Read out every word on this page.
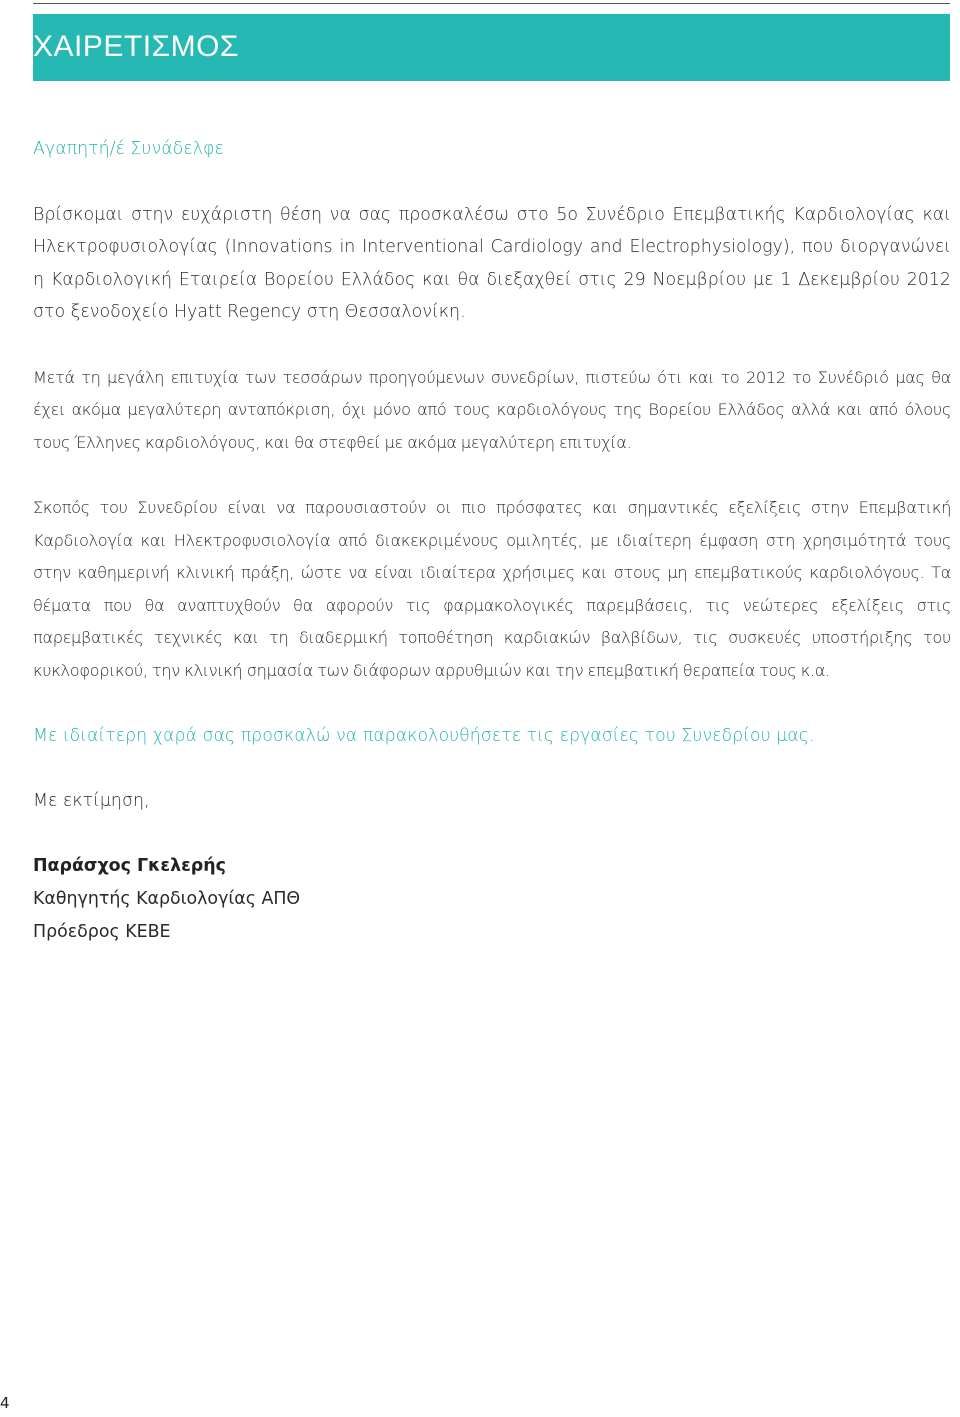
ΧΑΙΡΕΤΙΣΜΟΣ

Αγαπητή/έ Συνάδελφε

Βρίσκομαι στην ευχάριστη θέση να σας προσκαλέσω στο 5ο Συνέδριο Επεμβατικής Καρδιολογίας και Ηλεκτροφυσιολογίας (Innovations in Interventional Cardiology and Electrophysiology), που διοργανώνει η Καρδιολογική Εταιρεία Βορείου Ελλάδος και θα διεξαχθεί στις 29 Νοεμβρίου με 1 Δεκεμβρίου 2012 στο ξενοδοχείο Hyatt Regency στη Θεσσαλονίκη.

Μετά τη μεγάλη επιτυχία των τεσσάρων προηγούμενων συνεδρίων, πιστεύω ότι και το 2012 το Συνέδριό μας θα έχει ακόμα μεγαλύτερη ανταπόκριση, όχι μόνο από τους καρδιολόγους της Βορείου Ελλάδος αλλά και από όλους τους Έλληνες καρδιολόγους, και θα στεφθεί με ακόμα μεγαλύτερη επιτυχία.

Σκοπός του Συνεδρίου είναι να παρουσιαστούν οι πιο πρόσφατες και σημαντικές εξελίξεις στην Επεμβατική Καρδιολογία και Ηλεκτροφυσιολογία από διακεκριμένους ομιλητές, με ιδιαίτερη έμφαση στη χρησιμότητά τους στην καθημερινή κλινική πράξη, ώστε να είναι ιδιαίτερα χρήσιμες και στους μη επεμβατικούς καρδιολόγους. Τα θέματα που θα αναπτυχθούν θα αφορούν τις φαρμακολογικές παρεμβάσεις, τις νεώτερες εξελίξεις στις παρεμβατικές τεχνικές και τη διαδερμική τοποθέτηση καρδιακών βαλβίδων, τις συσκευές υποστήριξης του κυκλοφορικού, την κλινική σημασία των διάφορων αρρυθμιών και την επεμβατική θεραπεία τους κ.α.

Με ιδιαίτερη χαρά σας προσκαλώ να παρακολουθήσετε τις εργασίες του Συνεδρίου μας.

Με εκτίμηση,

Παράσχος Γκελερής

Καθηγητής Καρδιολογίας ΑΠΘ

Πρόεδρος ΚΕΒΕ

4
